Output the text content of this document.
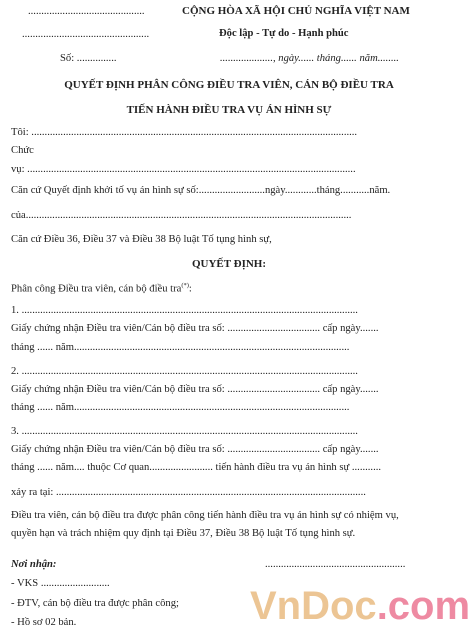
............................................
................................................
Số: ...............
CỘNG HÒA XÃ HỘI CHỦ NGHĨA VIỆT NAM
Độc lập - Tự do - Hạnh phúc
...................., ngày...... tháng...... năm........
QUYẾT ĐỊNH PHÂN CÔNG ĐIỀU TRA VIÊN, CÁN BỘ ĐIỀU TRA
TIẾN HÀNH ĐIỀU TRA VỤ ÁN HÌNH SỰ
Tôi: ...........................................................................................................................
Chức
vụ: ............................................................................................................................
Căn cứ Quyết định khởi tố vụ án hình sự số:.........................ngày............tháng...........năm.
của...........................................................................................................................
Căn cứ Điều 36, Điều 37 và Điều 38 Bộ luật Tố tụng hình sự,
QUYẾT ĐỊNH:
Phân công Điều tra viên, cán bộ điều tra(*):
1. ...............................................................................................................................
Giấy chứng nhận Điều tra viên/Cán bộ điều tra số: ................................... cấp ngày.......
tháng ...... năm........................................................................................................
2. ...............................................................................................................................
Giấy chứng nhận Điều tra viên/Cán bộ điều tra số: ................................... cấp ngày.......
tháng ...... năm........................................................................................................
3. ...............................................................................................................................
Giấy chứng nhận Điều tra viên/Cán bộ điều tra số: ................................... cấp ngày.......
tháng ...... năm.... thuộc Cơ quan........................ tiến hành điều tra vụ án hình sự ...........
xảy ra tại: .....................................................................................................................
Điều tra viên, cán bộ điều tra được phân công tiến hành điều tra vụ án hình sự có nhiệm vụ,
quyền hạn và trách nhiệm quy định tại Điều 37, Điều 38 Bộ luật Tố tụng hình sự.
Nơi nhận:
- VKS ..........................
- ĐTV, cán bộ điều tra được phân công;
- Hồ sơ 02 bản.
.....................................................
VnDoc.com
